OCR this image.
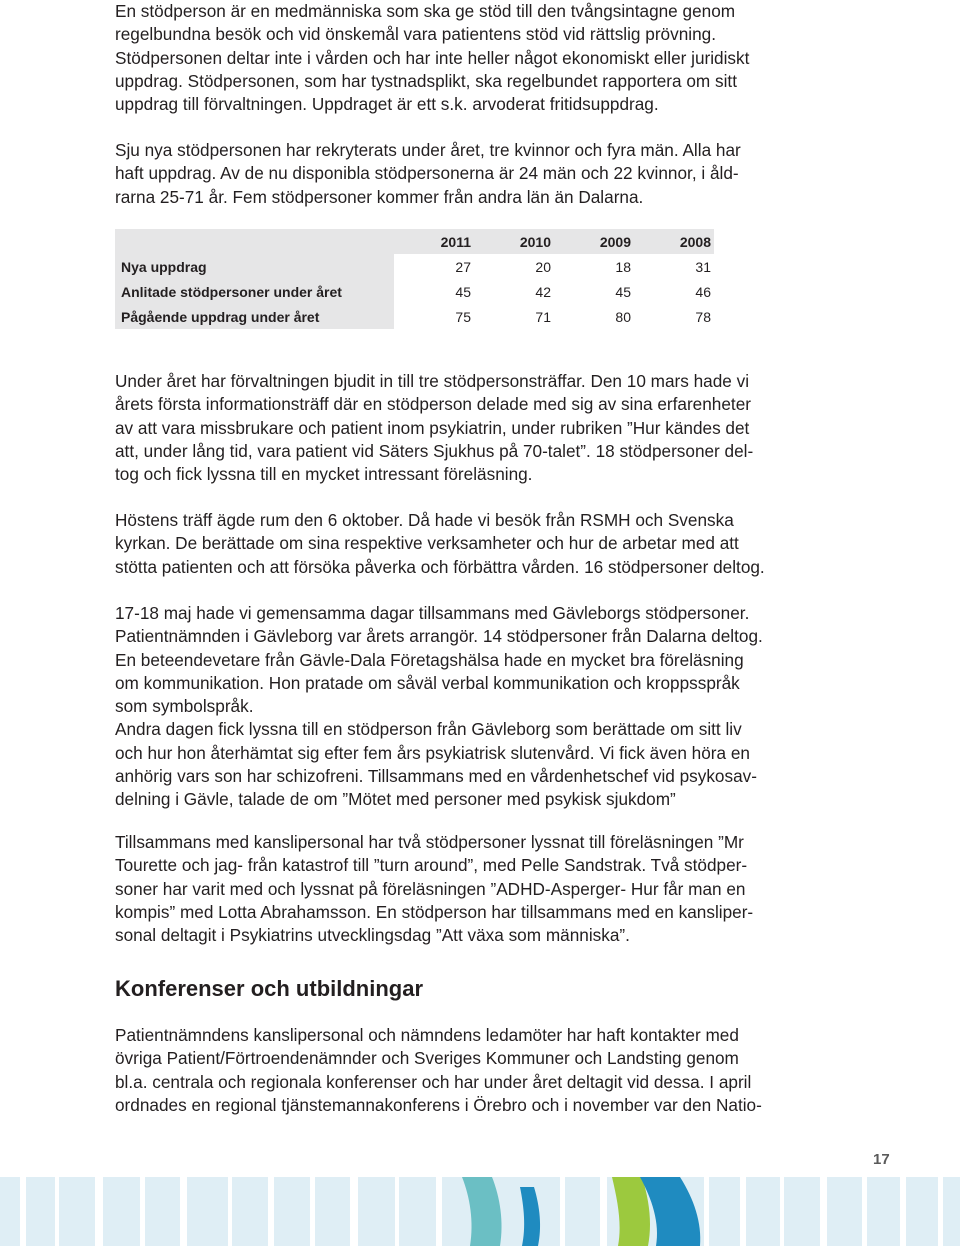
En stödperson är en medmänniska som ska ge stöd till den tvångsintagne genom
regelbundna besök och vid önskemål vara patientens stöd vid rättslig prövning.
Stödpersonen deltar inte i vården och har inte heller något ekonomiskt eller juridiskt
uppdrag. Stödpersonen, som har tystnadsplikt, ska regelbundet rapportera om sitt
uppdrag till förvaltningen. Uppdraget är ett s.k. arvoderat fritidsuppdrag.
Sju nya stödpersonen har rekryterats under året, tre kvinnor och fyra män. Alla har
haft uppdrag. Av de nu disponibla stödpersonerna är 24 män och 22 kvinnor, i åld-
rarna 25-71 år. Fem stödpersoner kommer från andra län än Dalarna.
	2011	2010	2009	2008
Nya uppdrag	27	20	18	31
Anlitade stödpersoner under året	45	42	45	46
Pågående uppdrag under året	75	71	80	78
Under året har förvaltningen bjudit in till tre stödpersonsträffar. Den 10 mars hade vi
årets första informationsträff där en stödperson delade med sig av sina erfarenheter
av att vara missbrukare och patient inom psykiatrin, under rubriken ”Hur kändes det
att, under lång tid, vara patient vid Säters Sjukhus på 70-talet”. 18 stödpersoner del-
tog och fick lyssna till en mycket intressant föreläsning.
Höstens träff ägde rum den 6 oktober. Då hade vi besök från RSMH och Svenska
kyrkan. De berättade om sina respektive verksamheter och hur de arbetar med att
stötta patienten och att försöka påverka och förbättra vården. 16 stödpersoner deltog.
17-18 maj hade vi gemensamma dagar tillsammans med Gävleborgs stödpersoner.
Patientnämnden i Gävleborg var årets arrangör. 14 stödpersoner från Dalarna deltog.
En beteendevetare från Gävle-Dala Företagshälsa hade en mycket bra föreläsning
om kommunikation. Hon pratade om såväl verbal kommunikation och kroppsspråk
som symbolspråk.
Andra dagen fick lyssna till en stödperson från Gävleborg som berättade om sitt liv
och hur hon återhämtat sig efter fem års psykiatrisk slutenvård. Vi fick även höra en
anhörig vars son har schizofreni. Tillsammans med en vårdenhetschef vid psykosav-
delning i Gävle, talade de om ”Mötet med personer med psykisk sjukdom”
Tillsammans med kanslipersonal har två stödpersoner lyssnat till föreläsningen ”Mr
Tourette och jag- från katastrof till ”turn around”, med Pelle Sandstrak. Två stödper-
soner har varit med och lyssnat på föreläsningen ”ADHD-Asperger- Hur får man en
kompis” med Lotta Abrahamsson. En stödperson har tillsammans med en kansliper-
sonal deltagit i Psykiatrins utvecklingsdag ”Att växa som människa”.
Konferenser och utbildningar
Patientnämndens kanslipersonal och nämndens ledamöter har haft kontakter med
övriga Patient/Förtroendenämnder och Sveriges Kommuner och Landsting genom
bl.a. centrala och regionala konferenser och har under året deltagit vid dessa. I april
ordnades en regional tjänstemannakonferens i Örebro och i november var den Natio-
17
